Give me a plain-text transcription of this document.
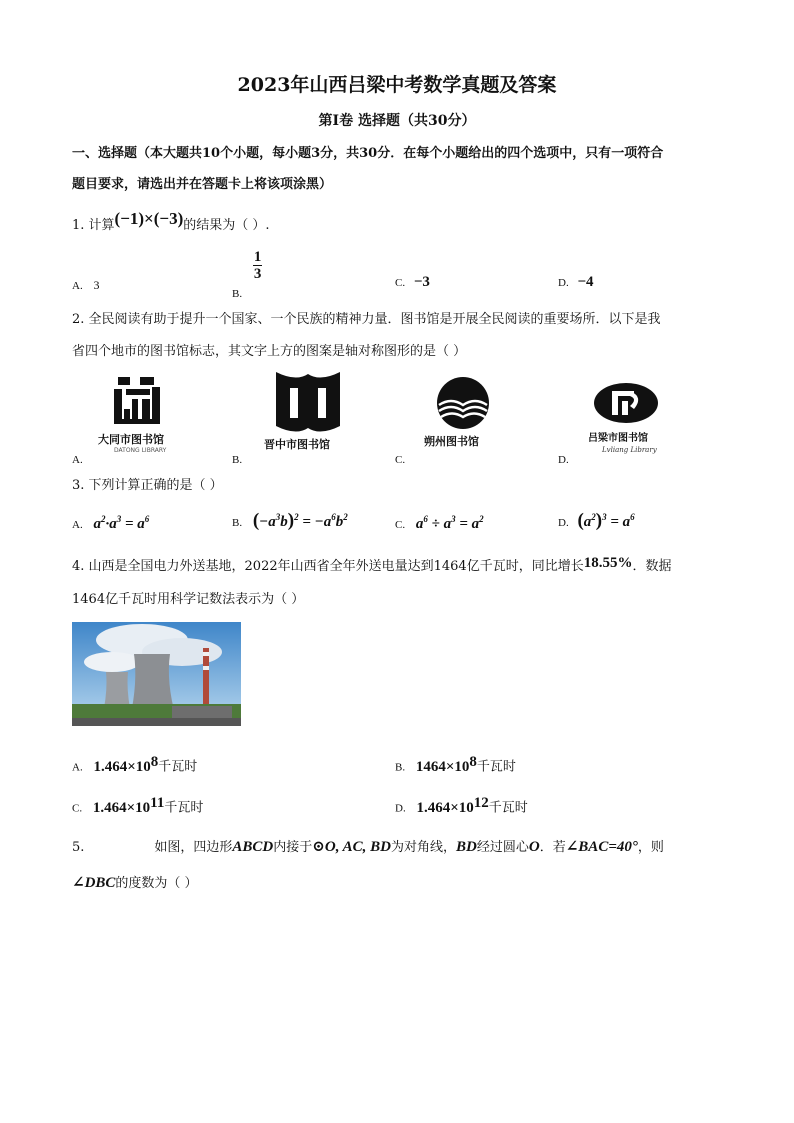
2023年山西吕梁中考数学真题及答案
第Ⅰ卷 选择题（共30分）
一、选择题（本大题共10个小题，每小题3分，共30分．在每个小题给出的四个选项中，只有一项符合
题目要求，请选出并在答题卡上将该项涂黑）
1. 计算(−1)×(−3)的结果为（ ）.
A. 3
B.
$\frac{1}{3}$
C. −3	D. −4
2. 全民阅读有助于提升一个国家、一个民族的精神力量．图书馆是开展全民阅读的重要场所．以下是我
省四个地市的图书馆标志，其文字上方的图案是轴对称图形的是（ ）
大同市图书馆
DATONG LIBRARY	晋中市图书馆	朔州图书馆	吕梁市图书馆
Lvliang Library
A.	B.	C.	D.
3. 下列计算正确的是（ ）
A. $a^2\cdot a^3 = a^6$	B. $(-a^3b)^2 = -a^6b^2$
C. $a^6 \div a^3 = a^2$	D. $(a^2)^3 = a^6$
4. 山西是全国电力外送基地，2022年山西省全年外送电量达到1464亿千瓦时，同比增长18.55%．数据
1464亿千瓦时用科学记数法表示为（ ）
A. $1.464\times 10^8$千瓦时	B. $1464\times 10^8$千瓦时
C. $1.464\times 10^{11}$千瓦时	D. $1.464\times 10^{12}$千瓦时
5.	如图，四边形ABCD内接于⊙O, AC, BD为对角线，BD经过圆心O．若∠BAC=40°，则
∠DBC的度数为（ ）
